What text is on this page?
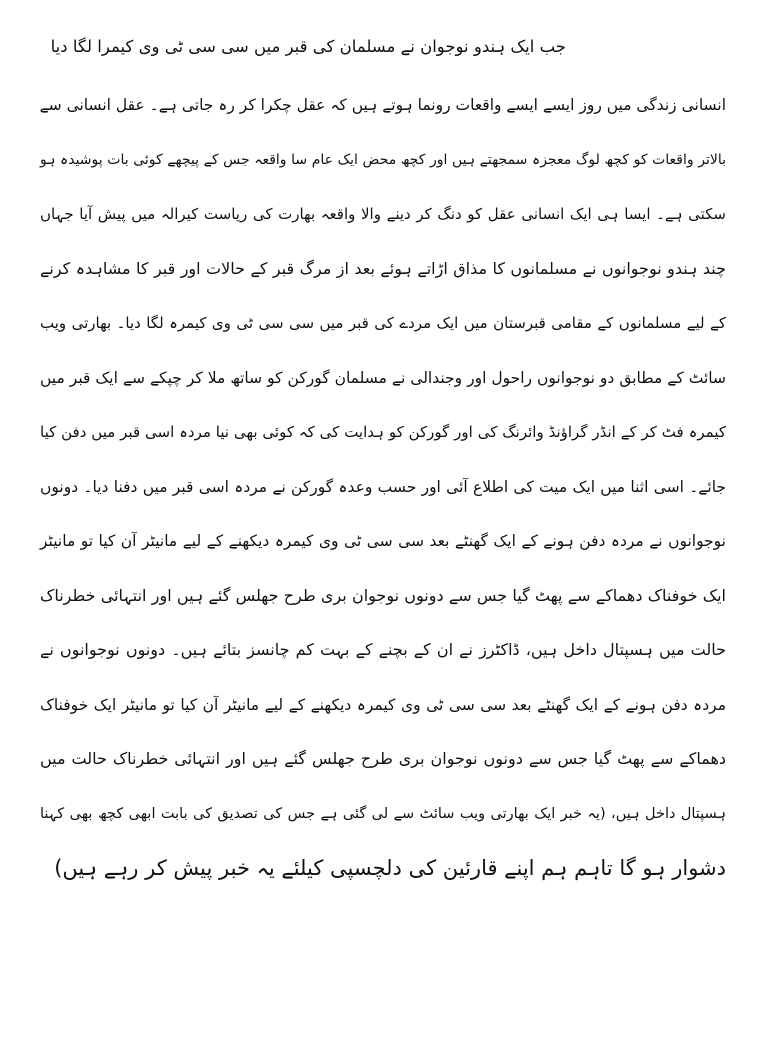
جب ایک ہندو نوجوان نے مسلمان کی قبر میں سی سی ٹی وی کیمرا لگا دیا
انسانی زندگی میں روز ایسے ایسے واقعات رونما ہوتے ہیں کہ عقل چکرا کر رہ جاتی ہے۔ عقل انسانی سے
بالاتر واقعات کو کچھ لوگ معجزہ سمجھتے ہیں اور کچھ محض ایک عام سا واقعہ جس کے پیچھے کوئی بات پوشیدہ ہو
سکتی ہے۔ ایسا ہی ایک انسانی عقل کو دنگ کر دینے والا واقعہ بھارت کی ریاست کیرالہ میں پیش آیا جہاں
چند ہندو نوجوانوں نے مسلمانوں کا مذاق اڑاتے ہوئے بعد از مرگ قبر کے حالات اور قبر کا مشاہدہ کرنے
کے لیے مسلمانوں کے مقامی قبرستان میں ایک مردے کی قبر میں سی سی ٹی وی کیمرہ لگا دیا۔ بھارتی ویب
سائٹ کے مطابق دو نوجوانوں راحول اور وجندالی نے مسلمان گورکن کو ساتھ ملا کر چپکے سے ایک قبر میں
کیمرہ فٹ کر کے انڈر گراؤنڈ وائرنگ کی اور گورکن کو ہدایت کی کہ کوئی بھی نیا مردہ اسی قبر میں دفن کیا
جائے۔ اسی اثنا میں ایک میت کی اطلاع آئی اور حسب وعدہ گورکن نے مردہ اسی قبر میں دفنا دیا۔ دونوں
نوجوانوں نے مردہ دفن ہونے کے ایک گھنٹے بعد سی سی ٹی وی کیمرہ دیکھنے کے لیے مانیٹر آن کیا تو مانیٹر
ایک خوفناک دھماکے سے پھٹ گیا جس سے دونوں نوجوان بری طرح جھلس گئے ہیں اور انتہائی خطرناک
حالت میں ہسپتال داخل ہیں، ڈاکٹرز نے ان کے بچنے کے بہت کم چانسز بتائے ہیں۔ دونوں نوجوانوں نے
مردہ دفن ہونے کے ایک گھنٹے بعد سی سی ٹی وی کیمرہ دیکھنے کے لیے مانیٹر آن کیا تو مانیٹر ایک خوفناک
دھماکے سے پھٹ گیا جس سے دونوں نوجوان بری طرح جھلس گئے ہیں اور انتہائی خطرناک حالت میں
ہسپتال داخل ہیں، (یہ خبر ایک بھارتی ویب سائٹ سے لی گئی ہے جس کی تصدیق کی بابت ابھی کچھ بھی کہنا
دشوار ہو گا تاہم ہم اپنے قارئین کی دلچسپی کیلئے یہ خبر پیش کر رہے ہیں)
